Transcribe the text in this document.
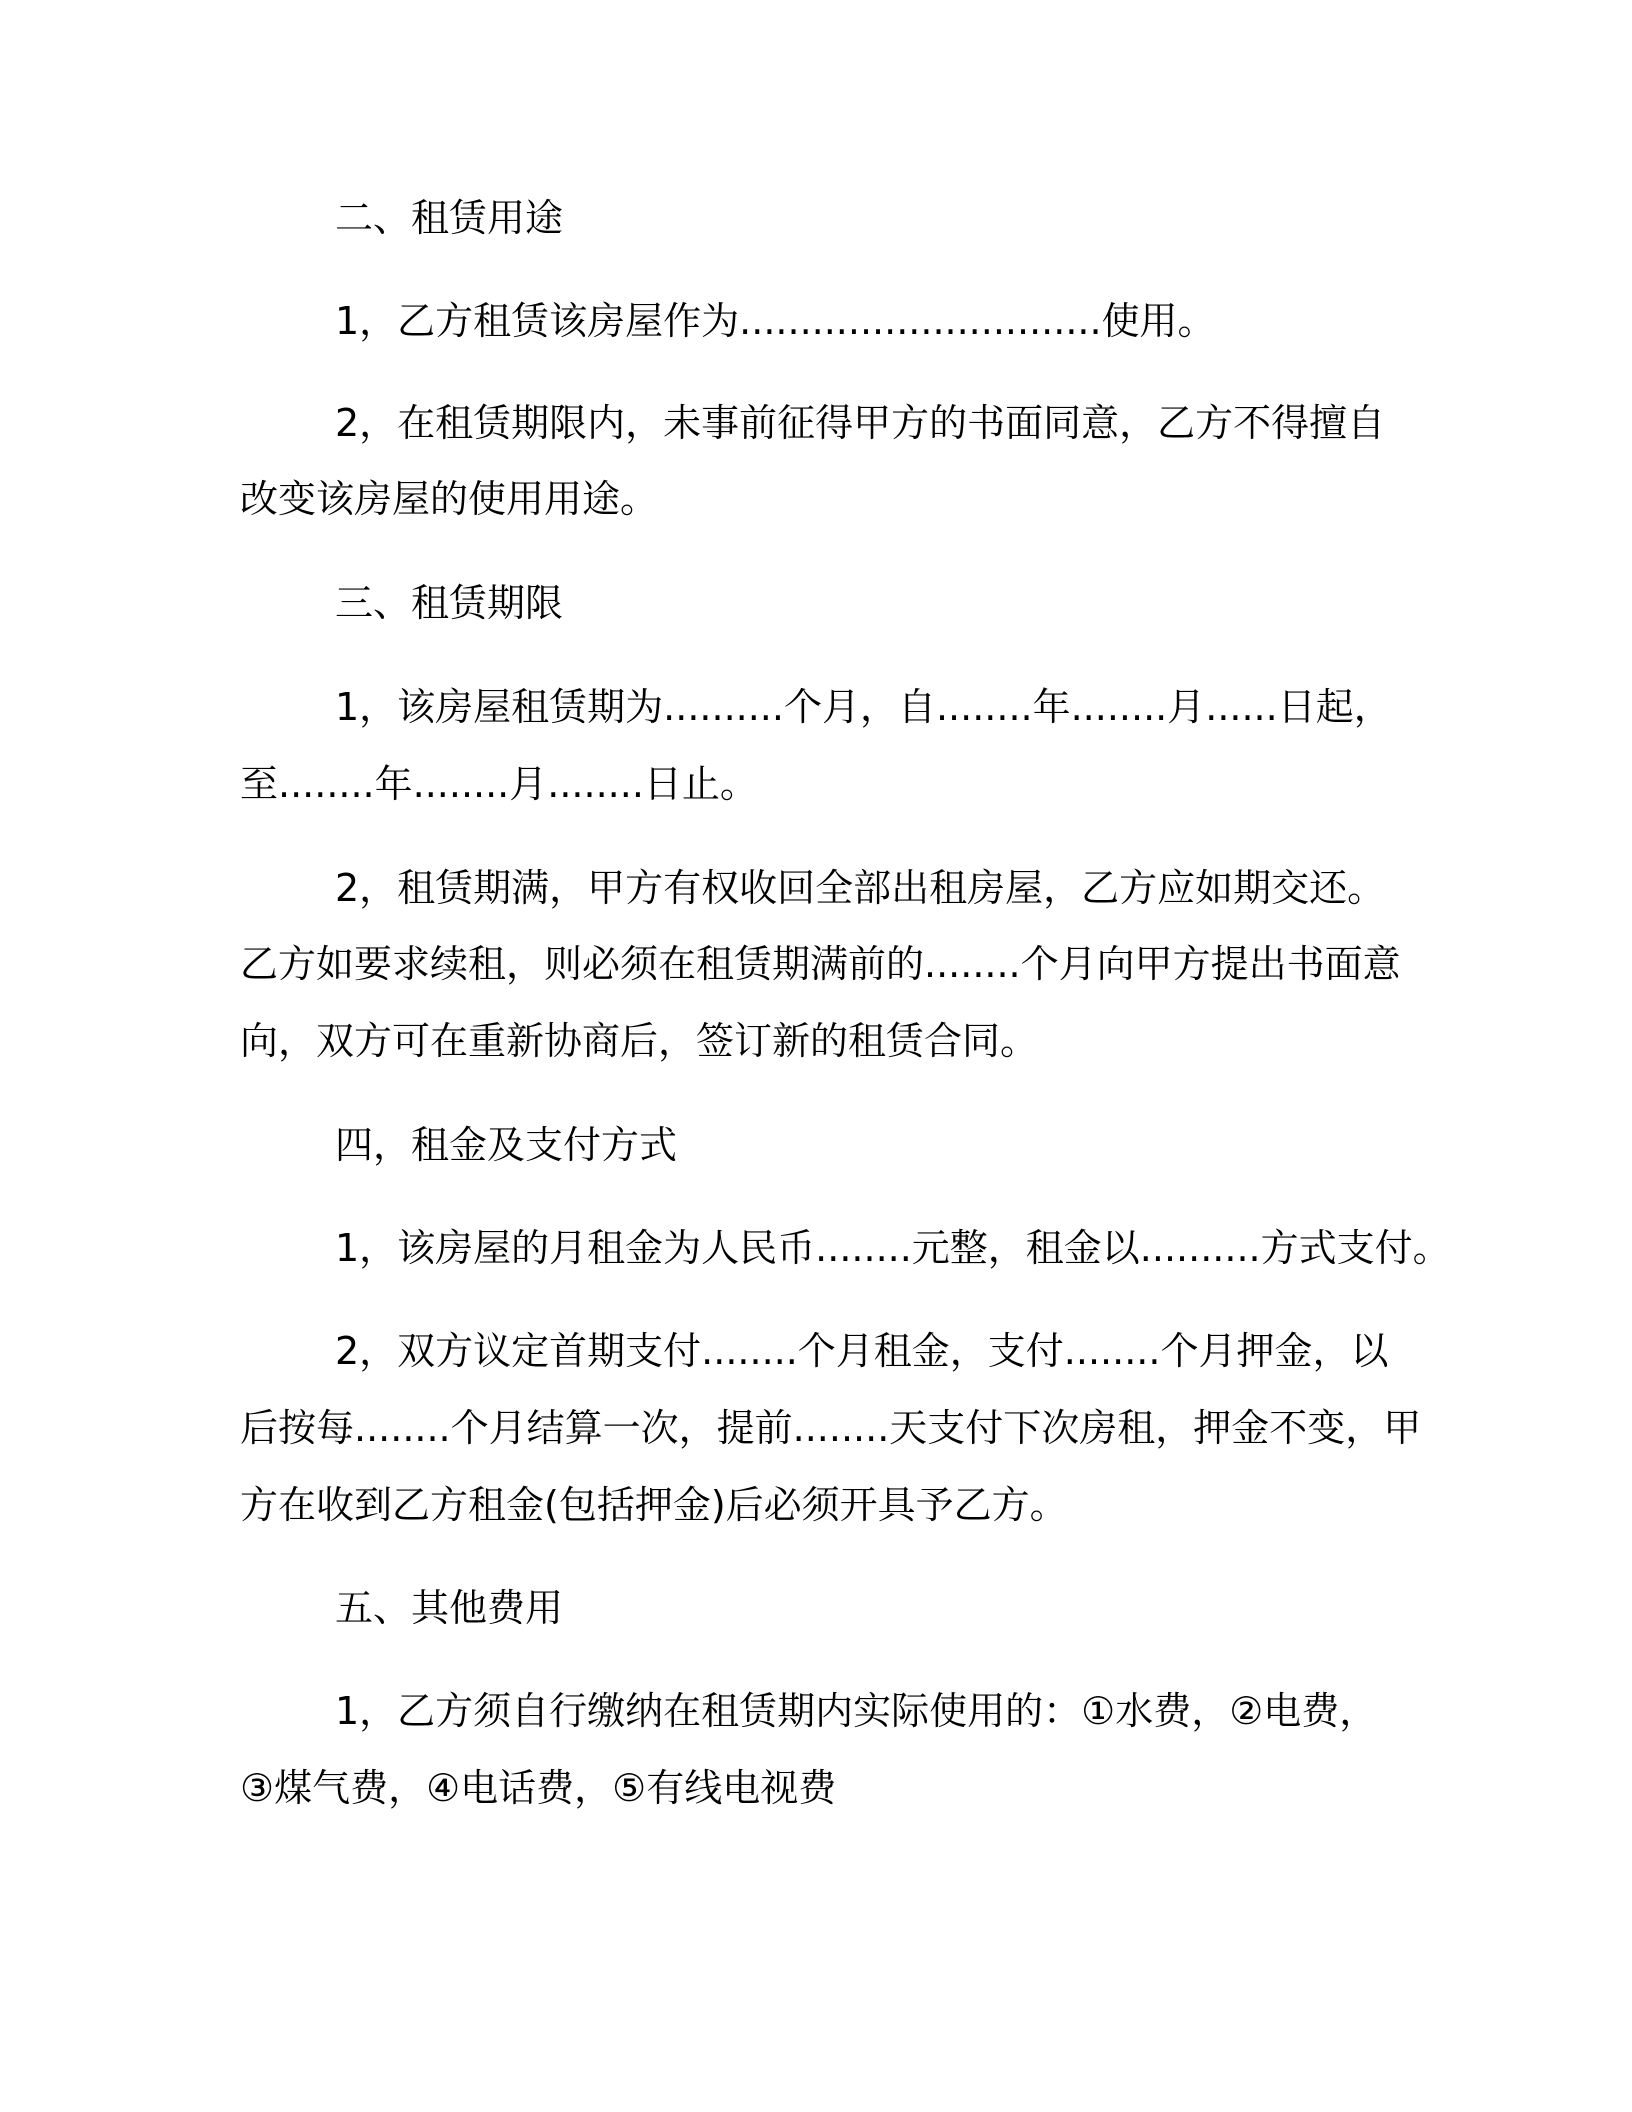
二、租赁用途
1，乙方租赁该房屋作为..............................使用。
2，在租赁期限内，未事前征得甲方的书面同意，乙方不得擅自
改变该房屋的使用用途。
三、租赁期限
1，该房屋租赁期为..........个月，自........年........月......日起，
至........年........月........日止。
2，租赁期满，甲方有权收回全部出租房屋，乙方应如期交还。
乙方如要求续租，则必须在租赁期满前的........个月向甲方提出书面意
向，双方可在重新协商后，签订新的租赁合同。
四，租金及支付方式
1，该房屋的月租金为人民币........元整，租金以..........方式支付。
2，双方议定首期支付........个月租金，支付........个月押金，以
后按每........个月结算一次，提前........天支付下次房租，押金不变，甲
方在收到乙方租金(包括押金)后必须开具予乙方。
五、其他费用
1，乙方须自行缴纳在租赁期内实际使用的：①水费，②电费，
③煤气费，④电话费，⑤有线电视费
